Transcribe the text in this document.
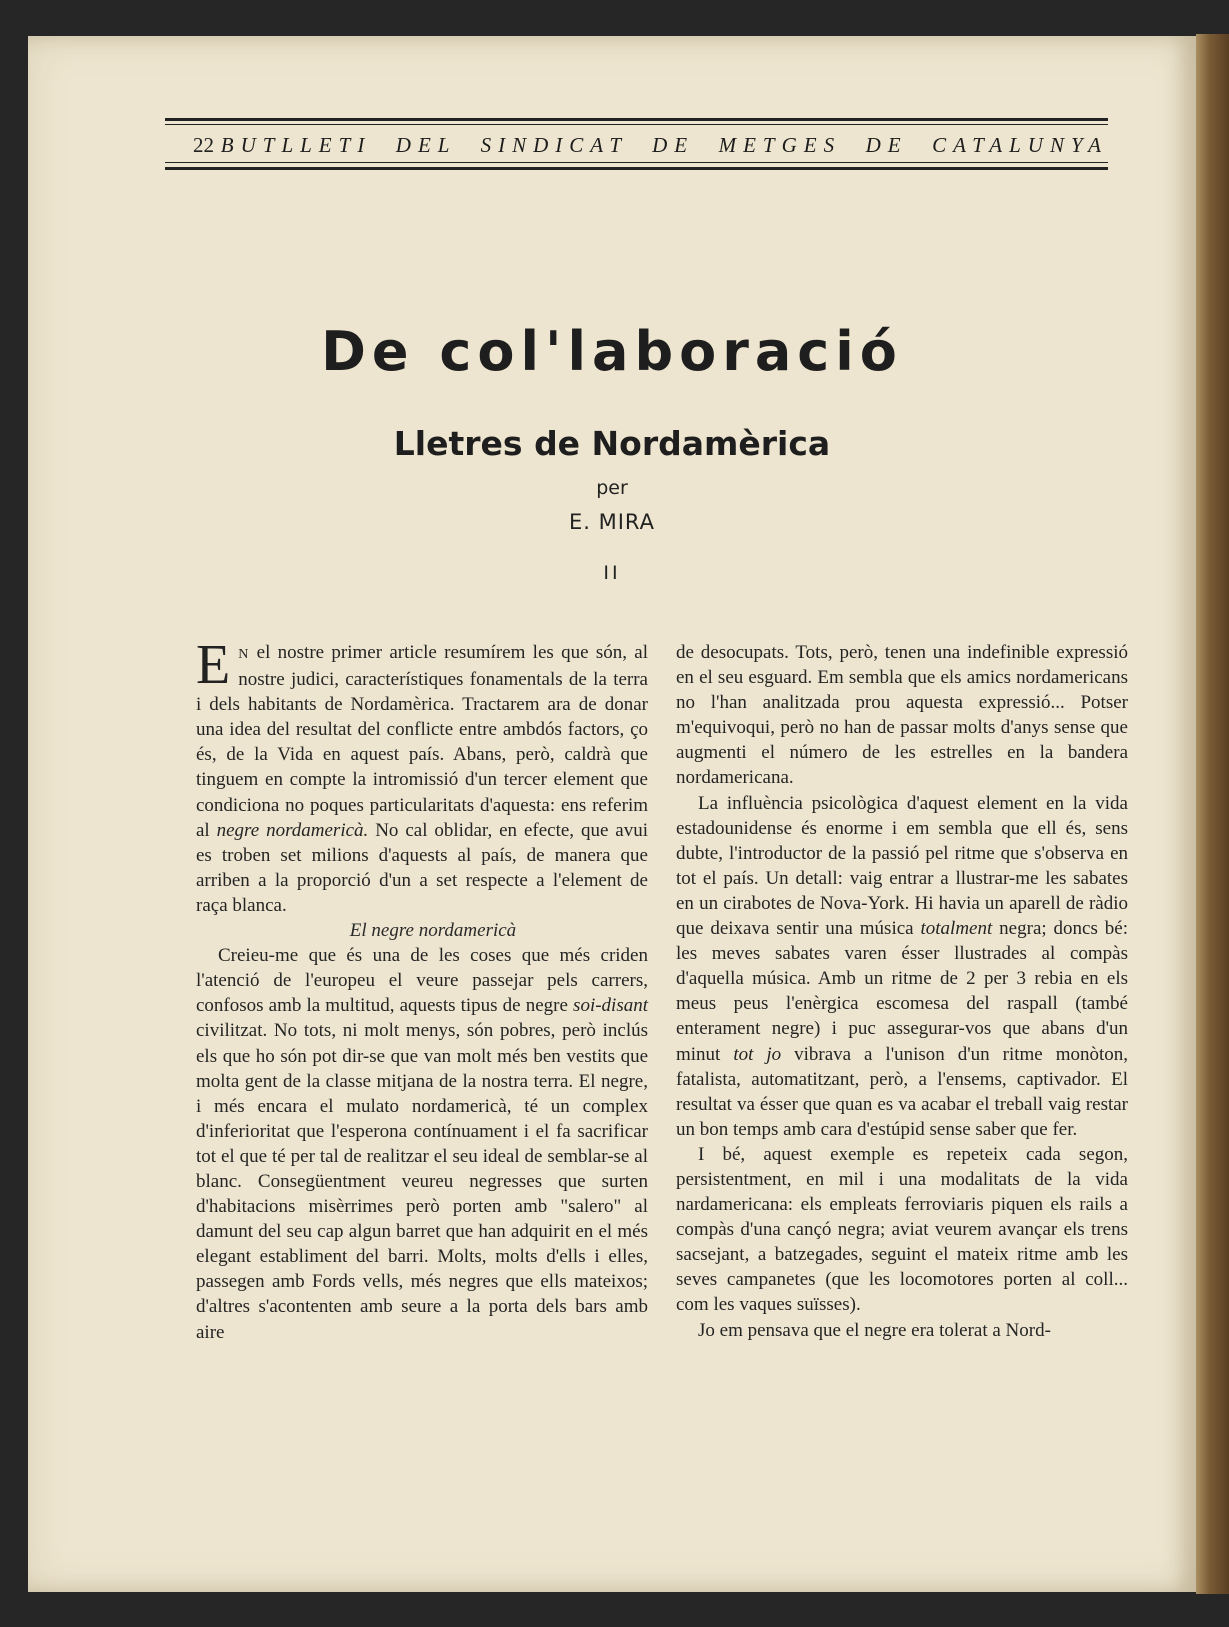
22 BUTLLETI  DEL  SINDICAT  DE  METGES  DE  CATALUNYA
De col'laboració
Lletres de Nordamèrica
per
E. MIRA
II

E N el nostre primer article resumírem les que són, al nostre judici, característiques fonamentals de la terra i dels habitants de Nordamèrica. Tractarem ara de donar una idea del resultat del conflicte entre ambdós factors, ço és, de la Vida en aquest país. Abans, però, caldrà que tinguem en compte la intromissió d'un tercer element que condiciona no poques particularitats d'aquesta: ens referim al negre nordamericà. No cal oblidar, en efecte, que avui es troben set milions d'aquests al país, de manera que arriben a la proporció d'un a set respecte a l'element de raça blanca.

El negre nordamericà

Creieu-me que és una de les coses que més criden l'atenció de l'europeu el veure passejar pels carrers, confosos amb la multitud, aquests tipus de negre soi-disant civilitzat. No tots, ni molt menys, són pobres, però inclús els que ho són pot dir-se que van molt més ben vestits que molta gent de la classe mitjana de la nostra terra. El negre, i més encara el mulato nordamericà, té un complex d'inferioritat que l'esperona contínuament i el fa sacrificar tot el que té per tal de realitzar el seu ideal de semblar-se al blanc. Consegüentment veureu negresses que surten d'habitacions misèrrimes però porten amb "salero" al damunt del seu cap algun barret que han adquirit en el més elegant establiment del barri. Molts, molts d'ells i elles, passegen amb Fords vells, més negres que ells mateixos; d'altres s'acontenten amb seure a la porta dels bars amb aire

de desocupats. Tots, però, tenen una indefinible expressió en el seu esguard. Em sembla que els amics nordamericans no l'han analitzada prou aquesta expressió... Potser m'equivoqui, però no han de passar molts d'anys sense que augmenti el número de les estrelles en la bandera nordamericana.

La influència psicològica d'aquest element en la vida estadounidense és enorme i em sembla que ell és, sens dubte, l'introductor de la passió pel ritme que s'observa en tot el país. Un detall: vaig entrar a llustrar-me les sabates en un cirabotes de Nova-York. Hi havia un aparell de ràdio que deixava sentir una música totalment negra; doncs bé: les meves sabates varen ésser llustrades al compàs d'aquella música. Amb un ritme de 2 per 3 rebia en els meus peus l'enèrgica escomesa del raspall (també enterament negre) i puc assegurar-vos que abans d'un minut tot jo vibrava a l'unison d'un ritme monòton, fatalista, automatitzant, però, a l'ensems, captivador. El resultat va ésser que quan es va acabar el treball vaig restar un bon temps amb cara d'estúpid sense saber que fer.

I bé, aquest exemple es repeteix cada segon, persistentment, en mil i una modalitats de la vida nardamericana: els empleats ferroviaris piquen els rails a compàs d'una cançó negra; aviat veurem avançar els trens sacsejant, a batzegades, seguint el mateix ritme amb les seves campanetes (que les locomotores porten al coll... com les vaques suïsses).

Jo em pensava que el negre era tolerat a Nord-
